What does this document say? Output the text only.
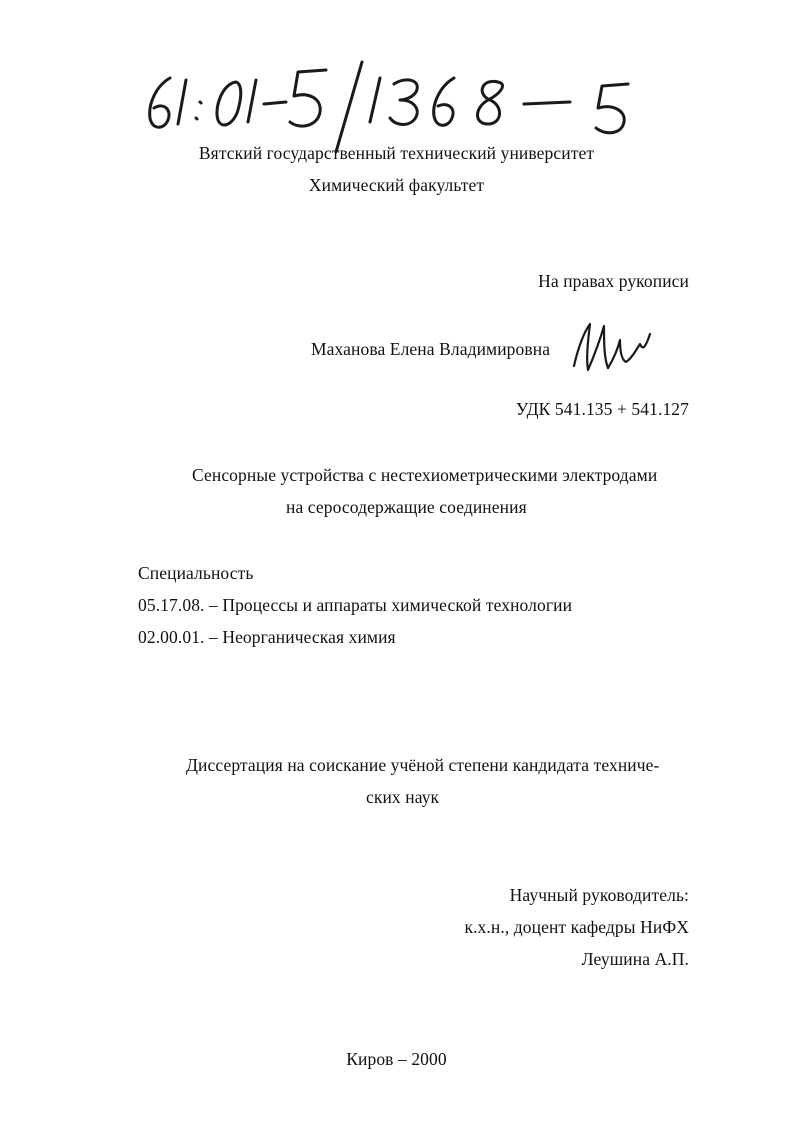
Вятский государственный технический университет
Химический факультет
На правах рукописи
Маханова Елена Владимировна
УДК 541.135 + 541.127
Сенсорные устройства с нестехиометрическими электродами
на серосодержащие соединения
Специальность
05.17.08. – Процессы и аппараты химической технологии
02.00.01. – Неорганическая химия
Диссертация на соискание учёной степени кандидата техниче-
ских наук
Научный руководитель:
к.х.н., доцент кафедры НиФХ
Леушина А.П.
Киров – 2000
